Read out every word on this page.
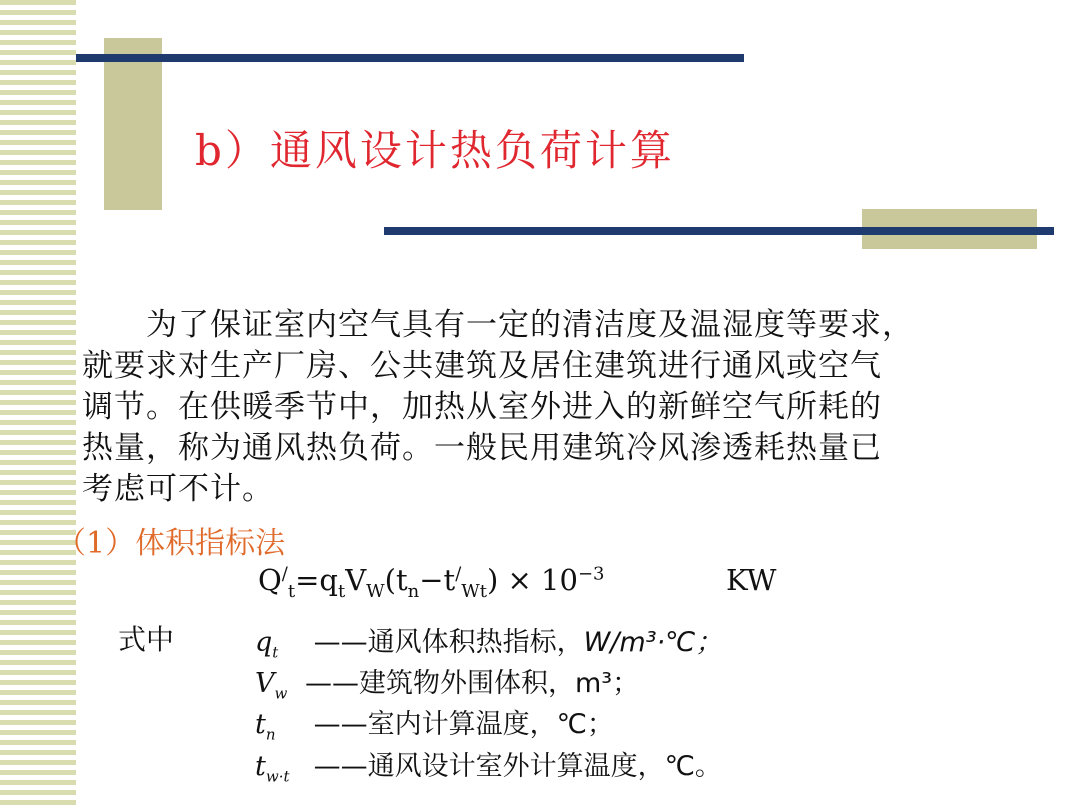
b）通风设计热负荷计算
　　为了保证室内空气具有一定的清洁度及温湿度等要求，
就要求对生产厂房、公共建筑及居住建筑进行通风或空气
调节。在供暖季节中，加热从室外进入的新鲜空气所耗的
热量，称为通风热负荷。一般民用建筑冷风渗透耗热量已
考虑可不计。
（1）体积指标法
$Q^/_t=q_tV_W(t_n-t^/_{Wt}) \times 10^{-3}$	KW
式中	$q_t$ ——通风体积热指标，W/m³·℃；
$V_w$ ——建筑物外围体积，m³；
$t_n$ ——室内计算温度，℃；
$t_{w\cdot t}$ ——通风设计室外计算温度，℃。
